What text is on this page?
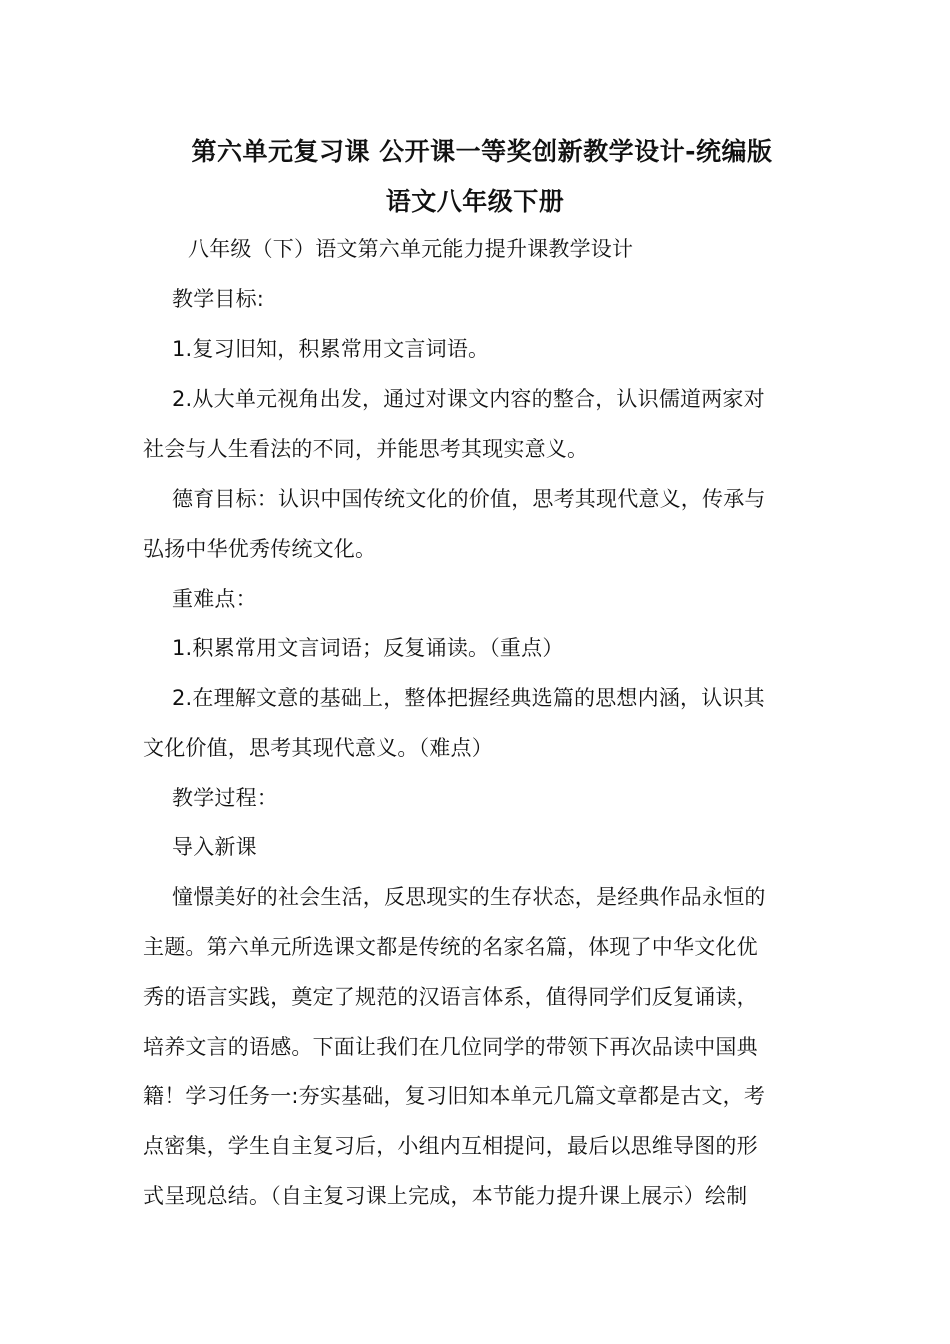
第六单元复习课 公开课一等奖创新教学设计-统编版
语文八年级下册
八年级（下）语文第六单元能力提升课教学设计
教学目标:
1.复习旧知，积累常用文言词语。
2.从大单元视角出发，通过对课文内容的整合，认识儒道两家对
社会与人生看法的不同，并能思考其现实意义。
德育目标：认识中国传统文化的价值，思考其现代意义，传承与
弘扬中华优秀传统文化。
重难点：
1.积累常用文言词语；反复诵读。（重点）
2.在理解文意的基础上，整体把握经典选篇的思想内涵，认识其
文化价值，思考其现代意义。（难点）
教学过程：
导入新课
憧憬美好的社会生活，反思现实的生存状态，是经典作品永恒的
主题。第六单元所选课文都是传统的名家名篇，体现了中华文化优
秀的语言实践，奠定了规范的汉语言体系，值得同学们反复诵读，
培养文言的语感。下面让我们在几位同学的带领下再次品读中国典
籍！学习任务一:夯实基础，复习旧知本单元几篇文章都是古文，考
点密集，学生自主复习后，小组内互相提问，最后以思维导图的形
式呈现总结。（自主复习课上完成，本节能力提升课上展示）绘制
